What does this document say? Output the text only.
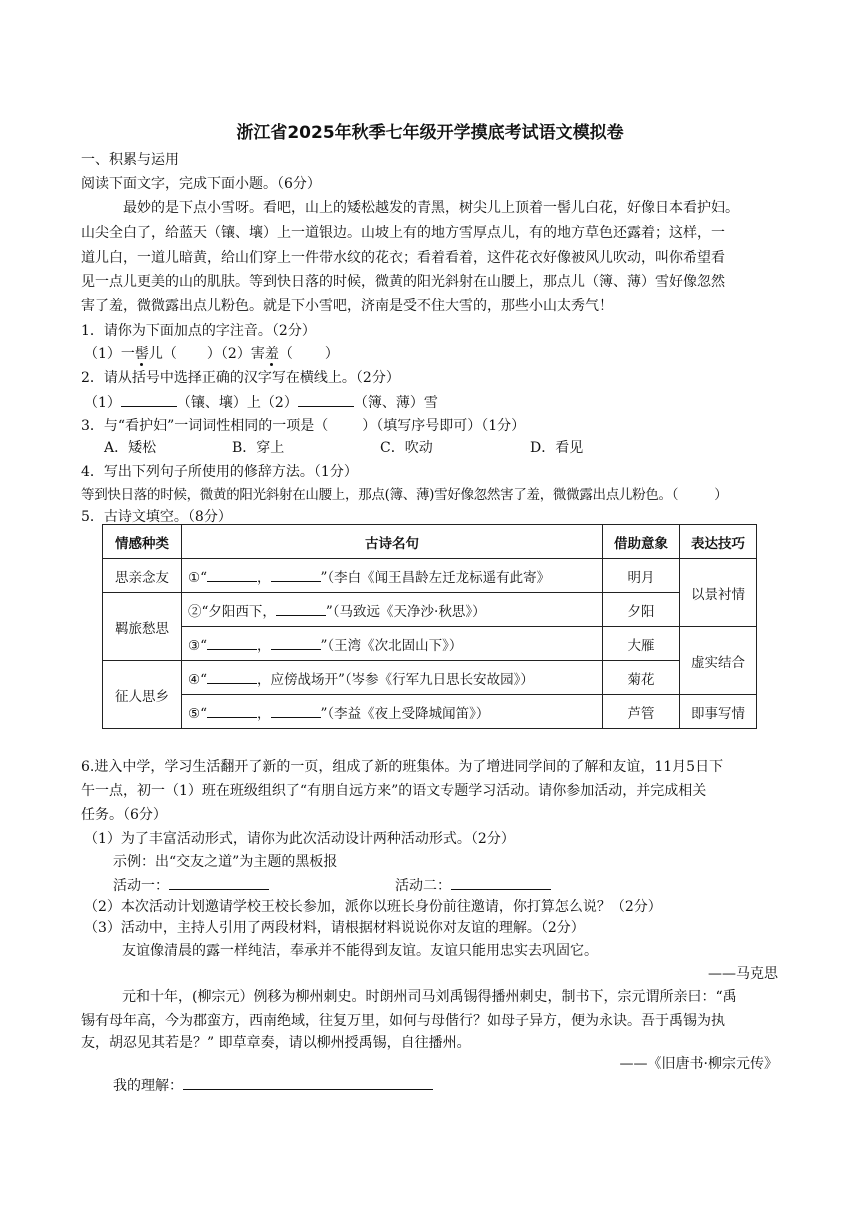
浙江省2025年秋季七年级开学摸底考试语文模拟卷
一、积累与运用
阅读下面文字，完成下面小题。（6分）
最妙的是下点小雪呀。看吧，山上的矮松越发的青黑，树尖儿上顶着一髻儿白花，好像日本看护妇。
山尖全白了，给蓝天（镶、壤）上一道银边。山坡上有的地方雪厚点儿，有的地方草色还露着；这样，一
道儿白，一道儿暗黄，给山们穿上一件带水纹的花衣；看着看着，这件花衣好像被风儿吹动，叫你希望看
见一点儿更美的山的肌肤。等到快日落的时候，微黄的阳光斜射在山腰上，那点儿（簿、薄）雪好像忽然
害了羞，微微露出点儿粉色。就是下小雪吧，济南是受不住大雪的，那些小山太秀气！
1．请你为下面加点的字注音。（2分）
（1）一髻儿（ ）（2）害羞（ ）
2．请从括号中选择正确的汉字写在横线上。（2分）
（1）	（镶、壤）上（2）	（簿、薄）雪
3．与“看护妇”一词词性相同的一项是（ ）（填写序号即可）（1分）
A．矮松	B．穿上	C．吹动	D．看见
4．写出下列句子所使用的修辞方法。（1分）
等到快日落的时候，微黄的阳光斜射在山腰上，那点(簿、薄)雪好像忽然害了羞，微微露出点儿粉色。（	）
5．古诗文填空。（8分）
情感种类	古诗名句	借助意象	表达技巧
思亲念友	①“ ， ”（李白《闻王昌龄左迁龙标遥有此寄》	明月	以景衬情
羁旅愁思	②“夕阳西下， ”（马致远《天净沙·秋思》）	夕阳	
	③“ ， ”（王湾《次北固山下》）	大雁	虚实结合
征人思乡	④“ ，应傍战场开”（岑参《行军九日思长安故园》）	菊花	
	⑤“ ， ”（李益《夜上受降城闻笛》）	芦管	即事写情
6.进入中学，学习生活翻开了新的一页，组成了新的班集体。为了增进同学间的了解和友谊，11月5日下
午一点，初一（1）班在班级组织了“有朋自远方来”的语文专题学习活动。请你参加活动，并完成相关
任务。（6分）
（1）为了丰富活动形式，请你为此次活动设计两种活动形式。（2分）
示例：出“交友之道”为主题的黑板报
活动一：	活动二：
（2）本次活动计划邀请学校王校长参加，派你以班长身份前往邀请，你打算怎么说？（2分）
（3）活动中，主持人引用了两段材料，请根据材料说说你对友谊的理解。（2分）
友谊像清晨的露一样纯洁，奉承并不能得到友谊。友谊只能用忠实去巩固它。
——马克思
元和十年，(柳宗元）例移为柳州刺史。时朗州司马刘禹锡得播州刺史，制书下，宗元谓所亲曰：“禹
锡有母年高，今为郡蛮方，西南绝域，往复万里，如何与母偕行？如母子异方，便为永诀。吾于禹锡为执
友，胡忍见其若是？” 即草章奏，请以柳州授禹锡，自往播州。
——《旧唐书·柳宗元传》
我的理解：
